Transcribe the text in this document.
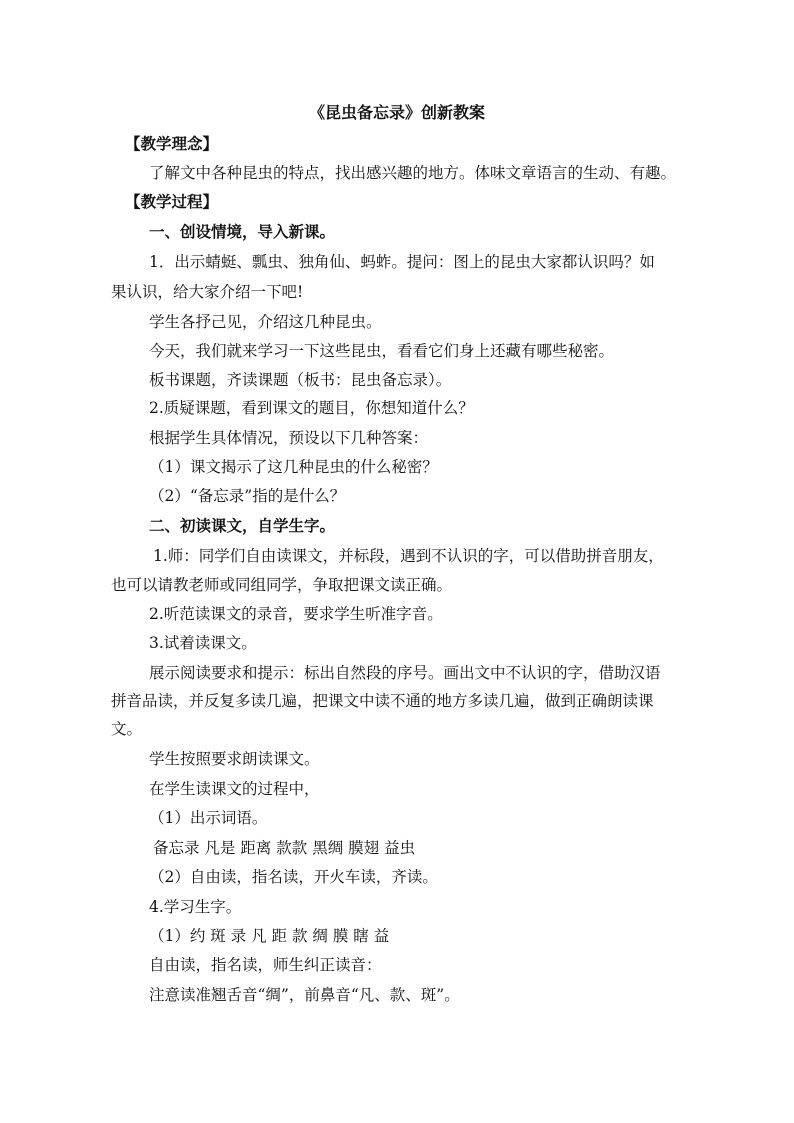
《昆虫备忘录》创新教案
【教学理念】
了解文中各种昆虫的特点，找出感兴趣的地方。体味文章语言的生动、有趣。
【教学过程】
一、创设情境，导入新课。
1．出示蜻蜓、瓢虫、独角仙、蚂蚱。提问：图上的昆虫大家都认识吗？如
果认识，给大家介绍一下吧!
学生各抒己见，介绍这几种昆虫。
今天，我们就来学习一下这些昆虫，看看它们身上还藏有哪些秘密。
板书课题，齐读课题（板书：昆虫备忘录）。
2.质疑课题，看到课文的题目，你想知道什么？
根据学生具体情况，预设以下几种答案：
（1）课文揭示了这几种昆虫的什么秘密？
（2）“备忘录”指的是什么？
二、初读课文，自学生字。
1.师：同学们自由读课文，并标段，遇到不认识的字，可以借助拼音朋友，
也可以请教老师或同组同学，争取把课文读正确。
2.听范读课文的录音，要求学生听准字音。
3.试着读课文。
展示阅读要求和提示：标出自然段的序号。画出文中不认识的字，借助汉语
拼音品读，并反复多读几遍，把课文中读不通的地方多读几遍，做到正确朗读课
文。
学生按照要求朗读课文。
在学生读课文的过程中，
（1）出示词语。
备忘录 凡是 距离 款款 黑绸 膜翅 益虫
（2）自由读，指名读，开火车读，齐读。
4.学习生字。
（1）约 斑 录 凡 距 款 绸 膜 瞎 益
自由读，指名读，师生纠正读音：
注意读准翘舌音“绸”，前鼻音“凡、款、斑”。
